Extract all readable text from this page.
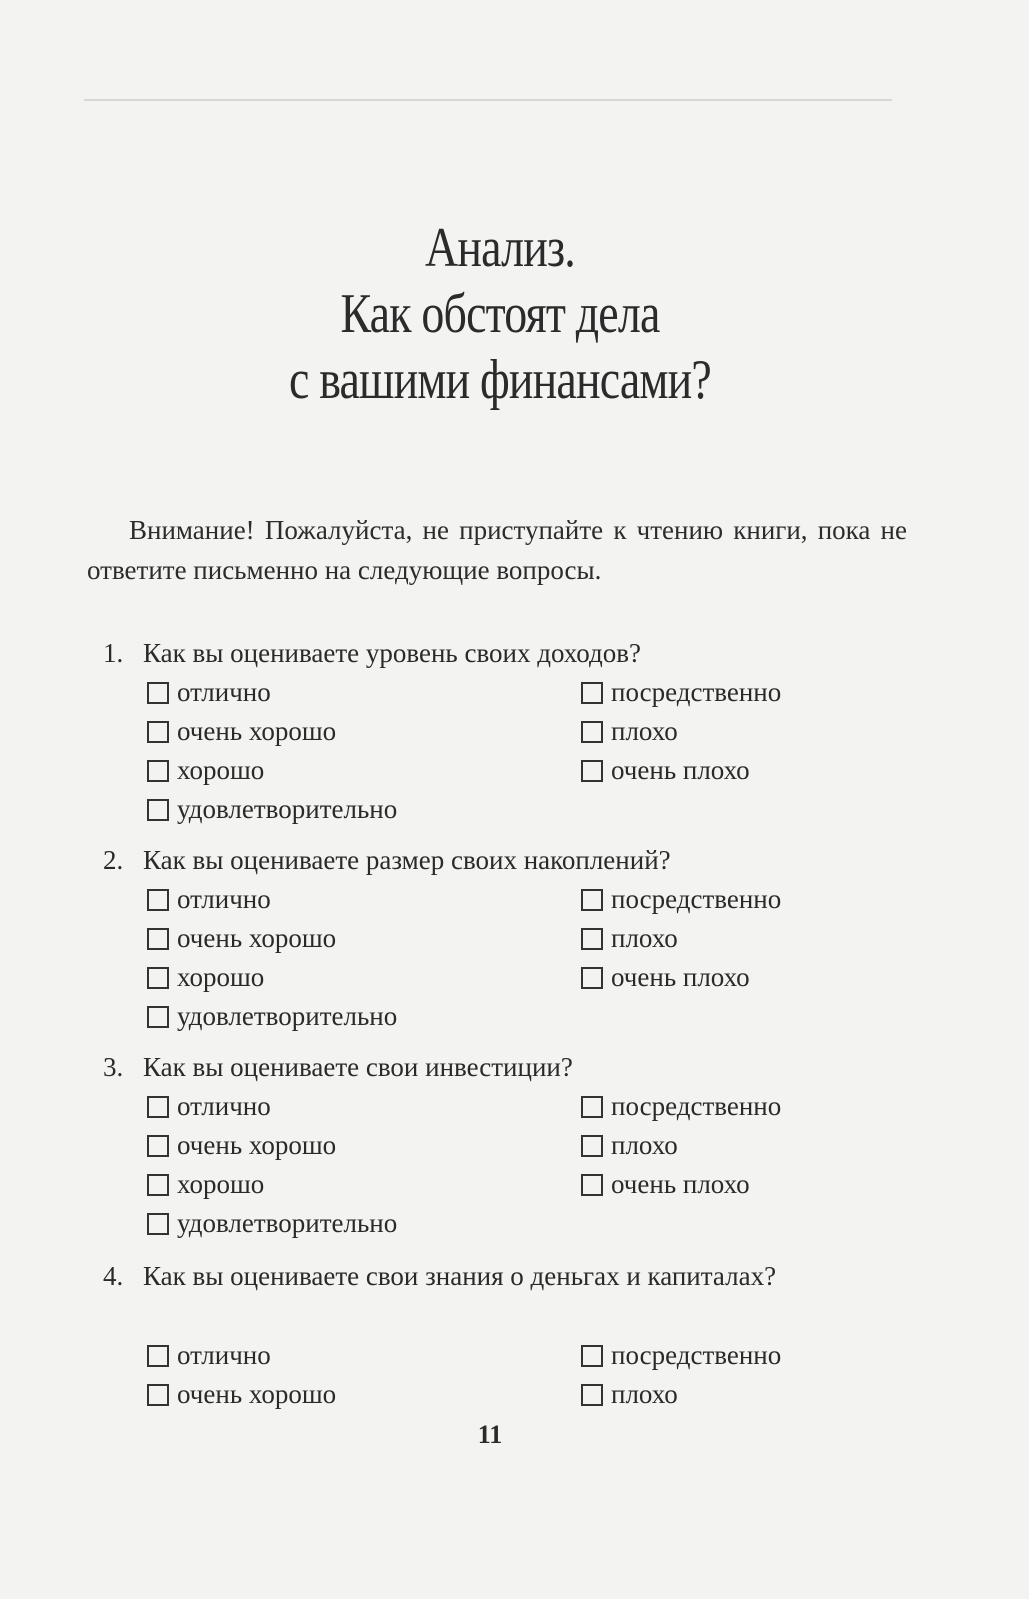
Анализ.
Как обстоят дела
с вашими финансами?
Внимание! Пожалуйста, не приступайте к чтению книги, пока не ответите письменно на следующие вопросы.
1. Как вы оцениваете уровень своих доходов?
отлично
очень хорошо
хорошо
удовлетворительно
посредственно
плохо
очень плохо
2. Как вы оцениваете размер своих накоплений?
отлично
очень хорошо
хорошо
удовлетворительно
посредственно
плохо
очень плохо
3. Как вы оцениваете свои инвестиции?
отлично
очень хорошо
хорошо
удовлетворительно
посредственно
плохо
очень плохо
4. Как вы оцениваете свои знания о деньгах и капиталах?
отлично
очень хорошо
посредственно
плохо
11
